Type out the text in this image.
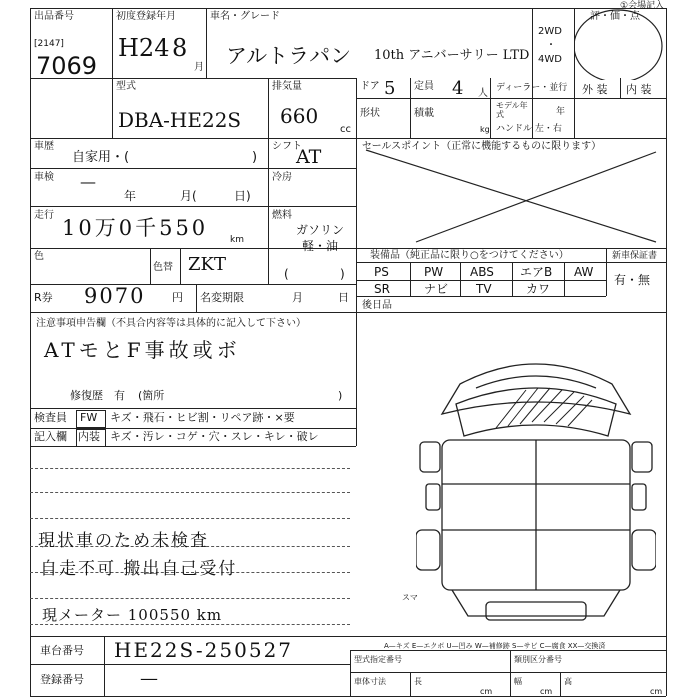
出品番号
[2147]
7069
初度登録年月
H24 8
月
車名・グレード
アルトラパン 10th アニバーサリー LTD
2WD
・
4WD
評・価・点
外 装 内 装
①会場記入
型式
DBA-HE22S
排気量
660
cc
ドア 5 定員 4 人
形状	積載
kg
ディーラー・並行
モデル年式	年
ハンドル 左・右
車歴
自家用・(	)
シフト
AT	セールスポイント（正常に機能するものに限ります）
車検 —
年	月(	日)
冷房
走行
10万0千550 km
燃料
ガソリン
軽・油
色
色替 ZKT	(	)
装備品（純正品に限り○をつけてください）	新車保証書
PS	PW ABS エアB AW
SR	ナビ TV	カワ
有・無
R券 9070 円 名変期限	月	日
後日品
注意事項申告欄（不具合内容等は具体的に記入して下さい）
ATモとF事故或ボ
修復歴 有 (箇所	)
検査員
記入欄
FW
内装
キズ・飛石・ヒビ割・リペア跡・×要
キズ・汚レ・コゲ・穴・スレ・キレ・破レ
現状車のため未検査
自走不可 搬出自己受付
現メーター 100550 km
スマ
車台番号 HE22S-250527
登録番号	—
A—キズ E—エクボ U—凹み W—補修跡 S—サビ C—腐食 XX—交換済
型式指定番号	類別区分番号
車体寸法	長
cm
幅
cm
高
cm
